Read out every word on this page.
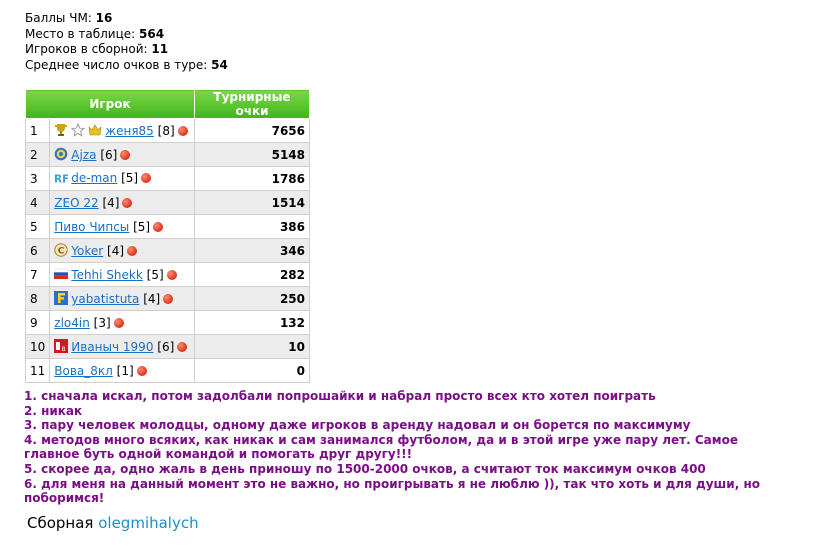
Баллы ЧМ: 16
Место в таблице: 564
Игроков в сборной: 11
Среднее число очков в туре: 54
Игрок		Турнирные очки
1	женя85 [8]	7656
2	Ajza [6]	5148
3	RF de-man [5]	1786
4	ZEO 22 [4]	1514
5	Пиво Чипсы [5]	386
6	C Yoker [4]	346
7	Tehhi Shekk [5]	282
8	yabatistuta [4]	250
9	zlo4in [3]	132
10	B Иваныч 1990 [6]	10
11	Вова_8кл [1]	0
1. сначала искал, потом задолбали попрошайки и набрал просто всех кто хотел поиграть
2. никак
3. пару человек молодцы, одному даже игроков в аренду надовал и он борется по максимуму
4. методов много всяких, как никак и сам занимался футболом, да и в этой игре уже пару лет. Самое главное буть одной командой и помогать друг другу!!!
5. скорее да, одно жаль в день приношу по 1500-2000 очков, а считают ток максимум очков 400
6. для меня на данный момент это не важно, но проигрывать я не люблю )), так что хоть и для души, но поборимся!
Сборная olegmihalych
